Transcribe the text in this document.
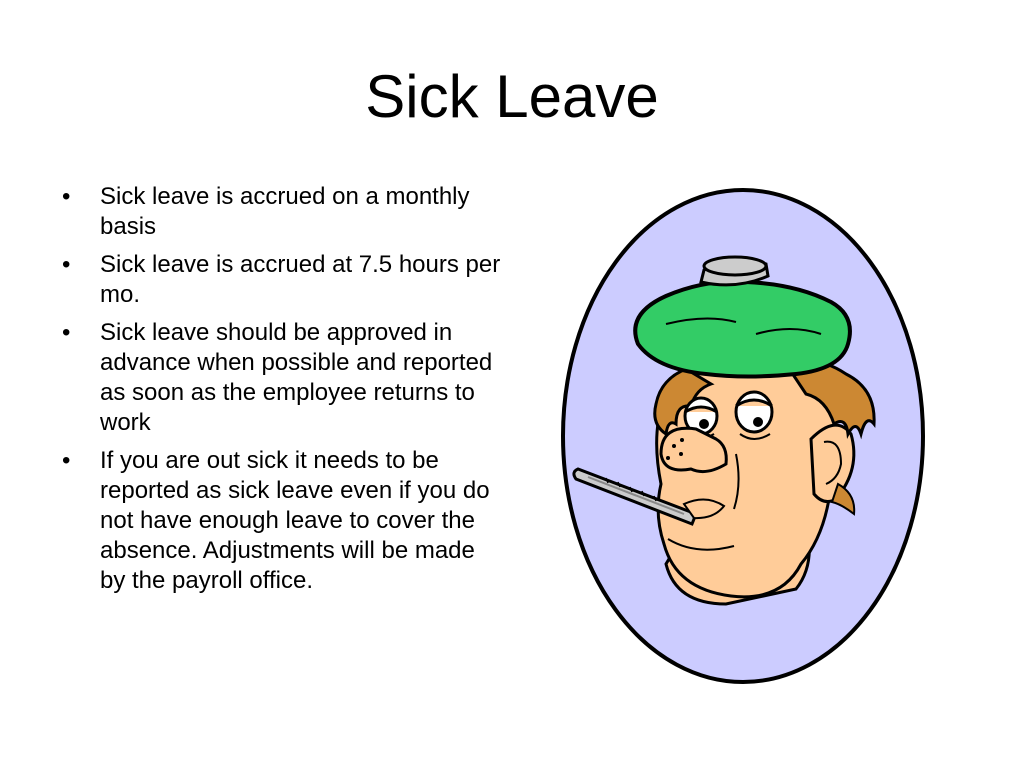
Sick Leave
•	Sick leave is accrued on a monthly basis
•	Sick leave is accrued at 7.5 hours per mo.
•	Sick leave should be approved in advance when possible and reported as soon as the employee returns to work
•	If you are out sick it needs to be reported as sick leave even if you do not have enough leave to cover the absence. Adjustments will be made by the payroll office.
